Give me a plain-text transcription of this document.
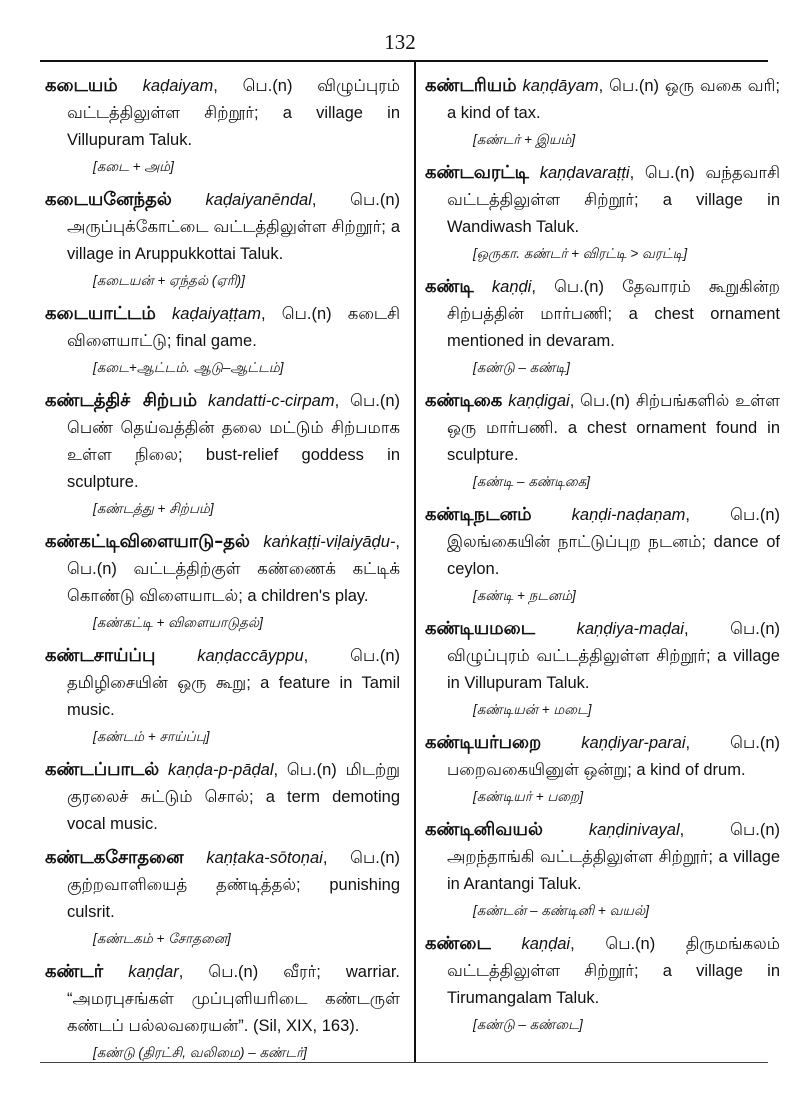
132

கடையம் kaḍaiyam, பெ.(n) விழுப்புரம் வட்டத்திலுள்ள சிற்றூர்; a village in Villupuram Taluk.

[கடை + அம்]

கடையனேந்தல் kaḍaiyanēndal, பெ.(n) அருப்புக்கோட்டை வட்டத்திலுள்ள சிற்றூர்; a village in Aruppukkottai Taluk.

[கடையன் + ஏந்தல் (ஏரி)]

கடையாட்டம் kaḍaiyaṭṭam, பெ.(n) கடைசி விளையாட்டு; final game.

[கடை+ஆட்டம். ஆடு–ஆட்டம்]

கண்டத்திச் சிற்பம் kandatti-c-cirpam, பெ.(n) பெண் தெய்வத்தின் தலை மட்டும் சிற்பமாக உள்ள நிலை; bust-relief goddess in sculpture.

[கண்டத்து + சிற்பம்]

கண்கட்டிவிளையாடு–தல் kaṅkaṭṭi-viḷaiyāḍu-, பெ.(n) வட்டத்திற்குள் கண்ணைக் கட்டிக் கொண்டு விளையாடல்; a children's play.

[கண்கட்டி + விளையாடுதல்]

கண்டசாய்ப்பு	kaṇḍaccāyppu, பெ.(n) தமிழிசையின் ஒரு கூறு; a feature in Tamil music.

[கண்டம் + சாய்ப்பு]

கண்டப்பாடல் kaṇḍa-p-pāḍal, பெ.(n) மிடற்று குரலைச் சுட்டும் சொல்; a term demoting vocal music.

கண்டகசோதனை kaṇṭaka-sōtoṇai, பெ.(n) குற்றவாளியைத் தண்டித்தல்; punishing culsrit.

[கண்டகம் + சோதனை]

கண்டர் kaṇḍar, பெ.(n) வீரர்; warriar. “அமரபுசங்கள் முப்புளியரிடை கண்டருள் கண்டப் பல்லவரையன்”. (Sil, XIX, 163).

[கண்டு (திரட்சி, வலிமை) – கண்டர்]

கண்டரியம் kaṇḍāyam, பெ.(n) ஒரு வகை வரி; a kind of tax.

[கண்டர் + இயம்]

கண்டவரட்டி kaṇḍavaraṭṭi, பெ.(n) வந்தவாசி வட்டத்திலுள்ள சிற்றூர்; a village in Wandiwash Taluk.

[ஒருகா. கண்டர் + விரட்டி > வரட்டி]

கண்டி kaṇḍi, பெ.(n) தேவாரம் கூறுகின்ற சிற்பத்தின் மார்பணி; a chest ornament mentioned in devaram.

[கண்டு – கண்டி]

கண்டிகை kaṇḍigai, பெ.(n) சிற்பங்களில் உள்ள ஒரு மார்பணி. a chest ornament found in sculpture.

[கண்டி – கண்டிகை]

கண்டிநடனம் kaṇḍi-naḍaṇam, பெ.(n) இலங்கையின் நாட்டுப்புற நடனம்; dance of ceylon.

[கண்டி + நடனம்]

கண்டியமடை	kaṇḍiya-maḍai, பெ.(n) விழுப்புரம் வட்டத்திலுள்ள சிற்றூர்; a village in Villupuram Taluk.

[கண்டியன் + மடை]

கண்டியர்பறை kaṇḍiyar-parai, பெ.(n) பறைவகையினுள் ஒன்று; a kind of drum.

[கண்டியர் + பறை]

கண்டினிவயல்	kaṇḍinivayal, பெ.(n) அறந்தாங்கி வட்டத்திலுள்ள சிற்றூர்; a village in Arantangi Taluk.

[கண்டன் – கண்டினி + வயல்]

கண்டை kaṇḍai, பெ.(n) திருமங்கலம் வட்டத்திலுள்ள சிற்றூர்; a village in Tirumangalam Taluk.

[கண்டு – கண்டை]
